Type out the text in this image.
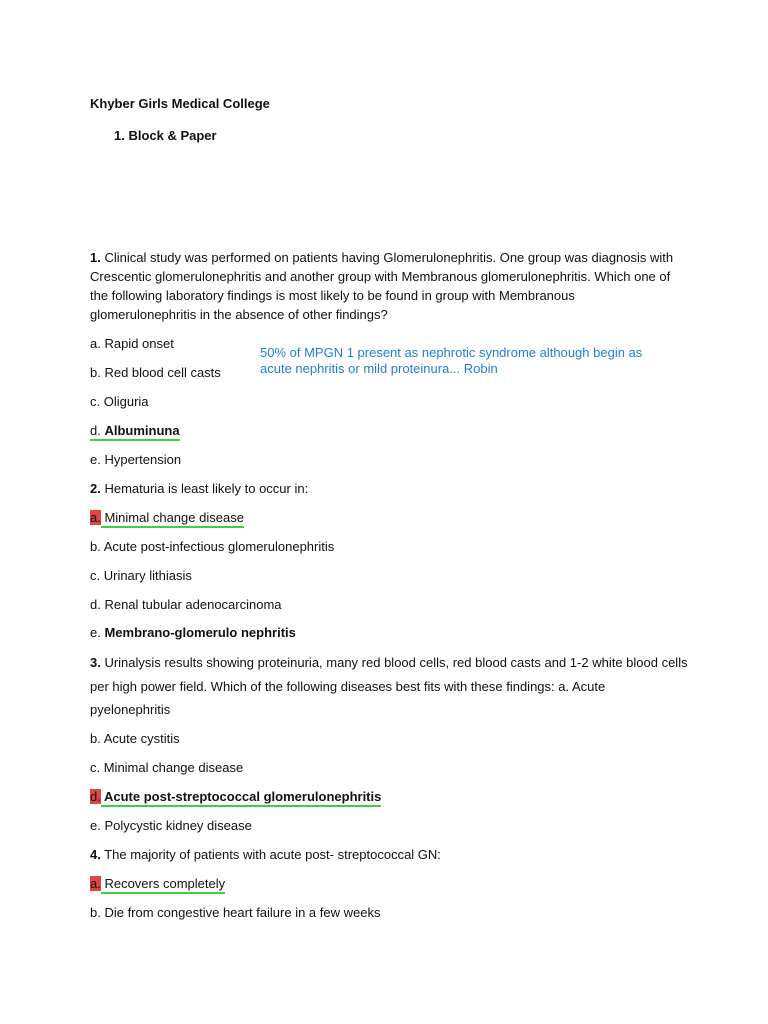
Khyber Girls Medical College
1. Block & Paper
1. Clinical study was performed on patients having Glomerulonephritis. One group was diagnosis with
Crescentic glomerulonephritis and another group with Membranous glomerulonephritis. Which one of
the following laboratory findings is most likely to be found in group with Membranous
glomerulonephritis in the absence of other findings?
a. Rapid onset
b. Red blood cell casts
c. Oliguria
d. Albuminuna
e. Hypertension
50% of MPGN 1 present as nephrotic syndrome although begin as
acute nephritis or mild proteinura... Robin
2. Hematuria is least likely to occur in:
a. Minimal change disease
b. Acute post-infectious glomerulonephritis
c. Urinary lithiasis
d. Renal tubular adenocarcinoma
e. Membrano-glomerulo nephritis
3. Urinalysis results showing proteinuria, many red blood cells, red blood casts and 1-2 white blood cells
per high power field. Which of the following diseases best fits with these findings: a. Acute
pyelonephritis
b. Acute cystitis
c. Minimal change disease
d. Acute post-streptococcal glomerulonephritis
e. Polycystic kidney disease
4. The majority of patients with acute post- streptococcal GN:
a. Recovers completely
b. Die from congestive heart failure in a few weeks
